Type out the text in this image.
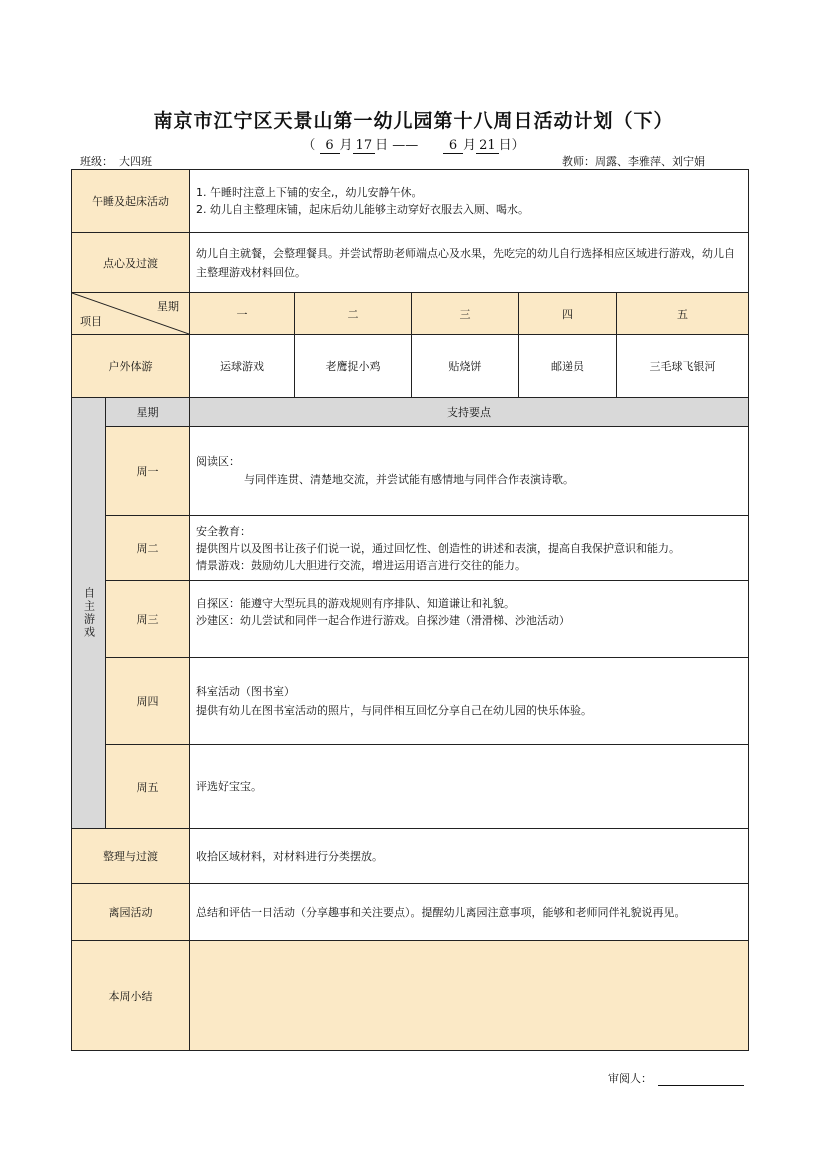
南京市江宁区天景山第一幼儿园第十八周日活动计划（下）
（ 6 月 17 日 —— 6 月 21 日）
班级： 大四班	教师：周露、李雅萍、刘宁娟
午睡及起床活动		1. 午睡时注意上下铺的安全,，幼儿安静午休。
2. 幼儿自主整理床铺，起床后幼儿能够主动穿好衣服去入厕、喝水。				

点心及过渡		幼儿自主就餐，会整理餐具。并尝试帮助老师端点心及水果，先吃完的幼儿自行选择相应区域进行游戏，幼儿自主整理游戏材料回位。				

星期
项目		一	二	三	四	五
户外体游		运球游戏	老鹰捉小鸡	贴烧饼	邮递员	三毛球飞银河

自主游戏	星期	支持要点				
	周一	阅读区：
与同伴连贯、清楚地交流，并尝试能有感情地与同伴合作表演诗歌。				

	周二	安全教育：
提供图片以及图书让孩子们说一说，通过回忆性、创造性的讲述和表演，提高自我保护意识和能力。
情景游戏：鼓励幼儿大胆进行交流，增进运用语言进行交往的能力。				

	周三	自探区：能遵守大型玩具的游戏规则有序排队、知道谦让和礼貌。
沙建区：幼儿尝试和同伴一起合作进行游戏。自探沙建（滑滑梯、沙池活动）				

	周四	科室活动（图书室）
提供有幼儿在图书室活动的照片，与同伴相互回忆分享自己在幼儿园的快乐体验。				

	周五	评选好宝宝。				

整理与过渡		收拾区域材料，对材料进行分类摆放。				
离园活动		总结和评估一日活动（分享趣事和关注要点）。提醒幼儿离园注意事项，能够和老师同伴礼貌说再见。				
本周小结						
审阅人：
